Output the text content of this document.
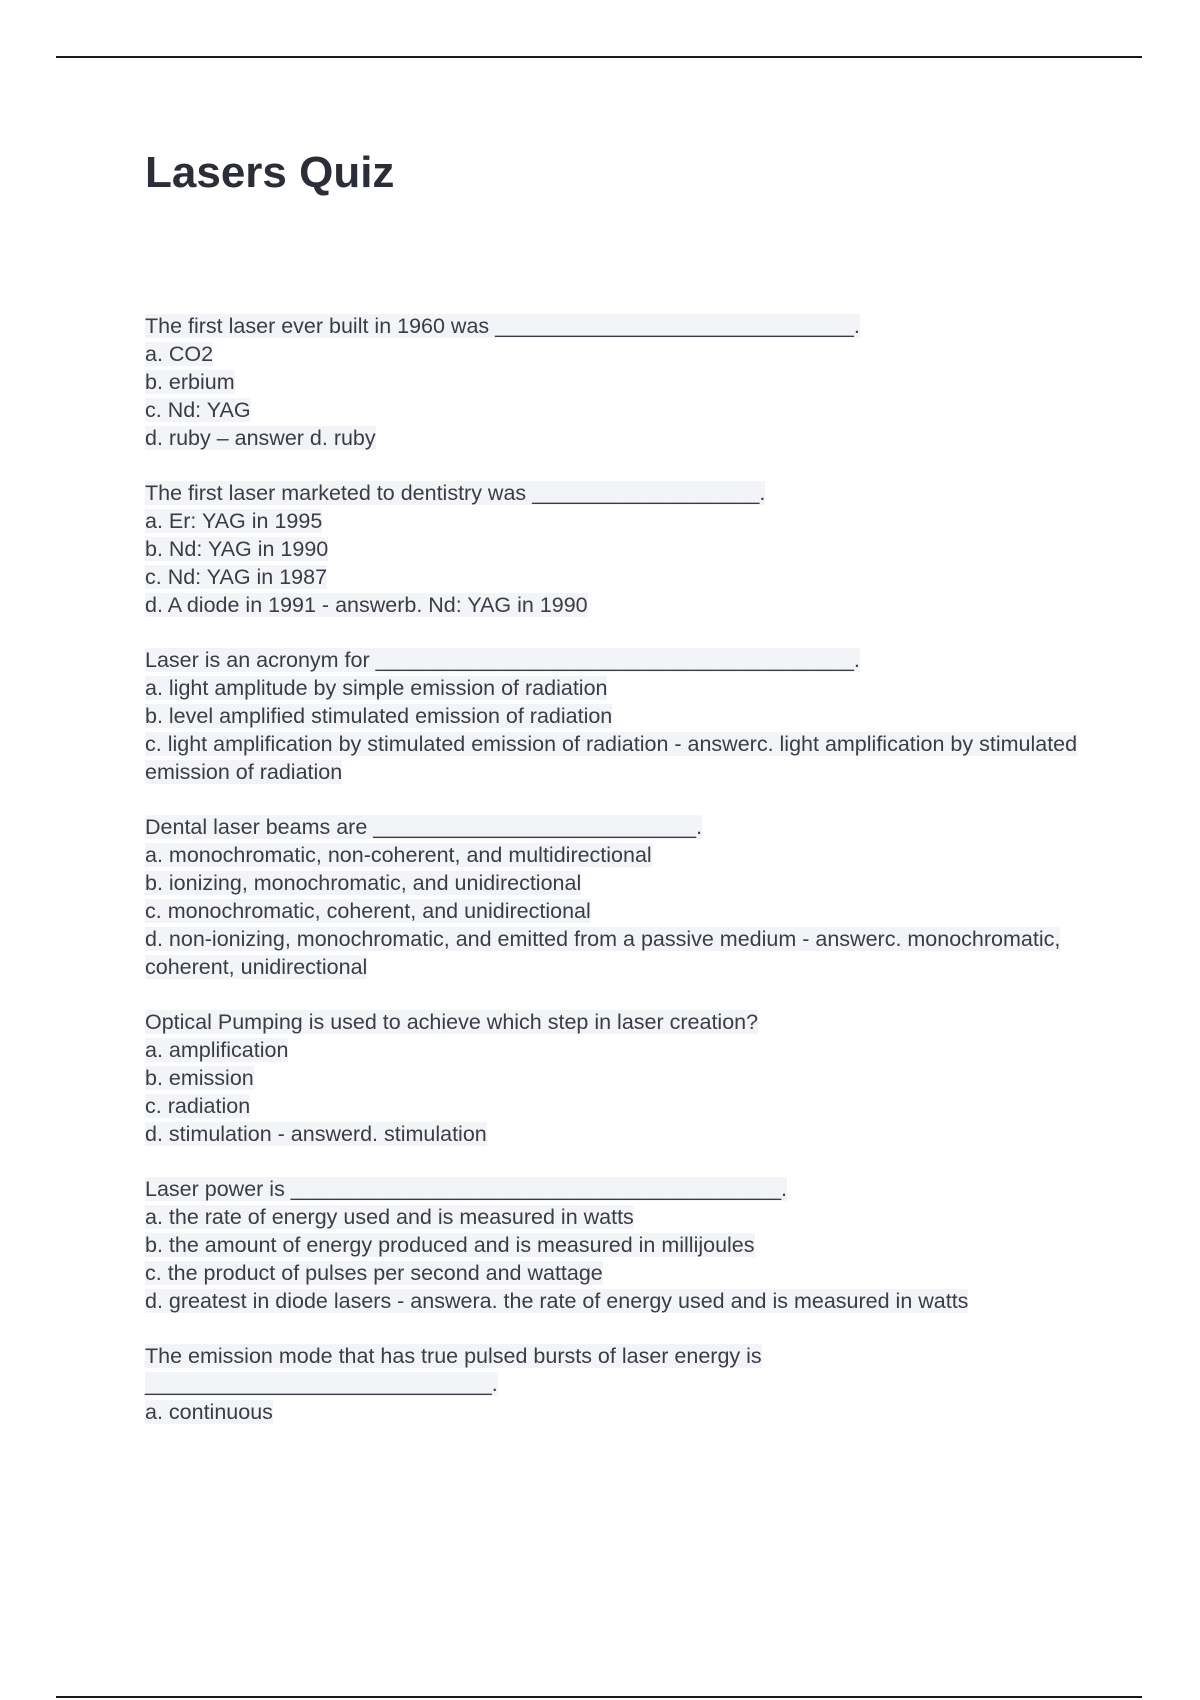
Lasers Quiz
The first laser ever built in 1960 was ______________________________.
a. CO2
b. erbium
c. Nd: YAG
d. ruby – answer d. ruby
The first laser marketed to dentistry was ___________________.
a. Er: YAG in 1995
b. Nd: YAG in 1990
c. Nd: YAG in 1987
d. A diode in 1991 - answerb. Nd: YAG in 1990
Laser is an acronym for ________________________________________.
a. light amplitude by simple emission of radiation
b. level amplified stimulated emission of radiation
c. light amplification by stimulated emission of radiation - answerc. light amplification by stimulated emission of radiation
Dental laser beams are ___________________________.
a. monochromatic, non-coherent, and multidirectional
b. ionizing, monochromatic, and unidirectional
c. monochromatic, coherent, and unidirectional
d. non-ionizing, monochromatic, and emitted from a passive medium - answerc. monochromatic, coherent, unidirectional
Optical Pumping is used to achieve which step in laser creation?
a. amplification
b. emission
c. radiation
d. stimulation - answerd. stimulation
Laser power is _________________________________________.
a. the rate of energy used and is measured in watts
b. the amount of energy produced and is measured in millijoules
c. the product of pulses per second and wattage
d. greatest in diode lasers - answera. the rate of energy used and is measured in watts
The emission mode that has true pulsed bursts of laser energy is _____________________________.
a. continuous
